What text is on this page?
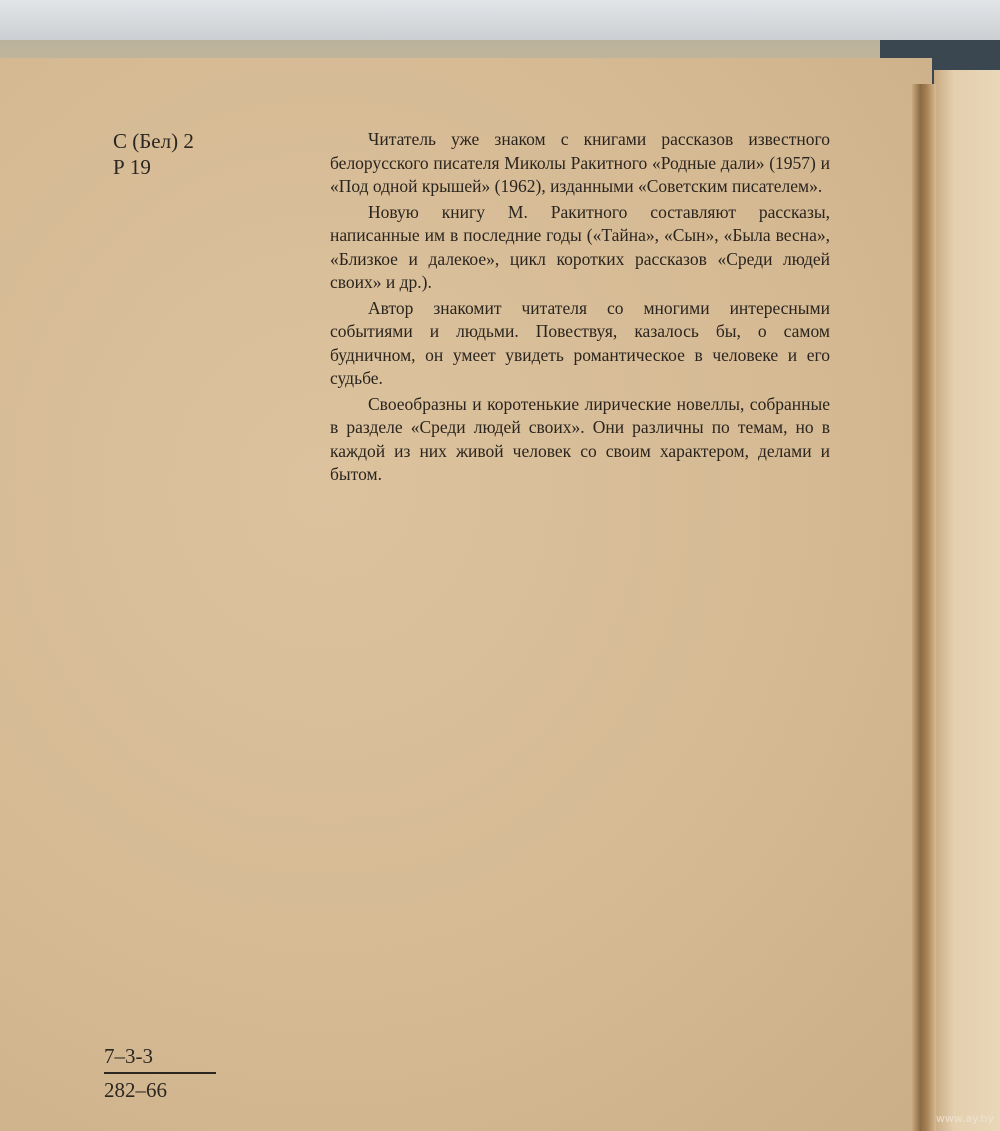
С (Бел) 2
Р 19

Читатель уже знаком с книгами рассказов известного белорусского писателя Миколы Ракитного «Родные дали» (1957) и «Под одной крышей» (1962), изданными «Советским писателем».

Новую книгу М. Ракитного составляют рассказы, написанные им в последние годы («Тайна», «Сын», «Была весна», «Близкое и далекое», цикл коротких рассказов «Среди людей своих» и др.).

Автор знакомит читателя со многими интересными событиями и людьми. Повествуя, казалось бы, о самом будничном, он умеет увидеть романтическое в человеке и его судьбе.

Своеобразны и коротенькие лирические новеллы, собранные в разделе «Среди людей своих». Они различны по темам, но в каждой из них живой человек со своим характером, делами и бытом.

7–3-3
282–66
www.ay.by
